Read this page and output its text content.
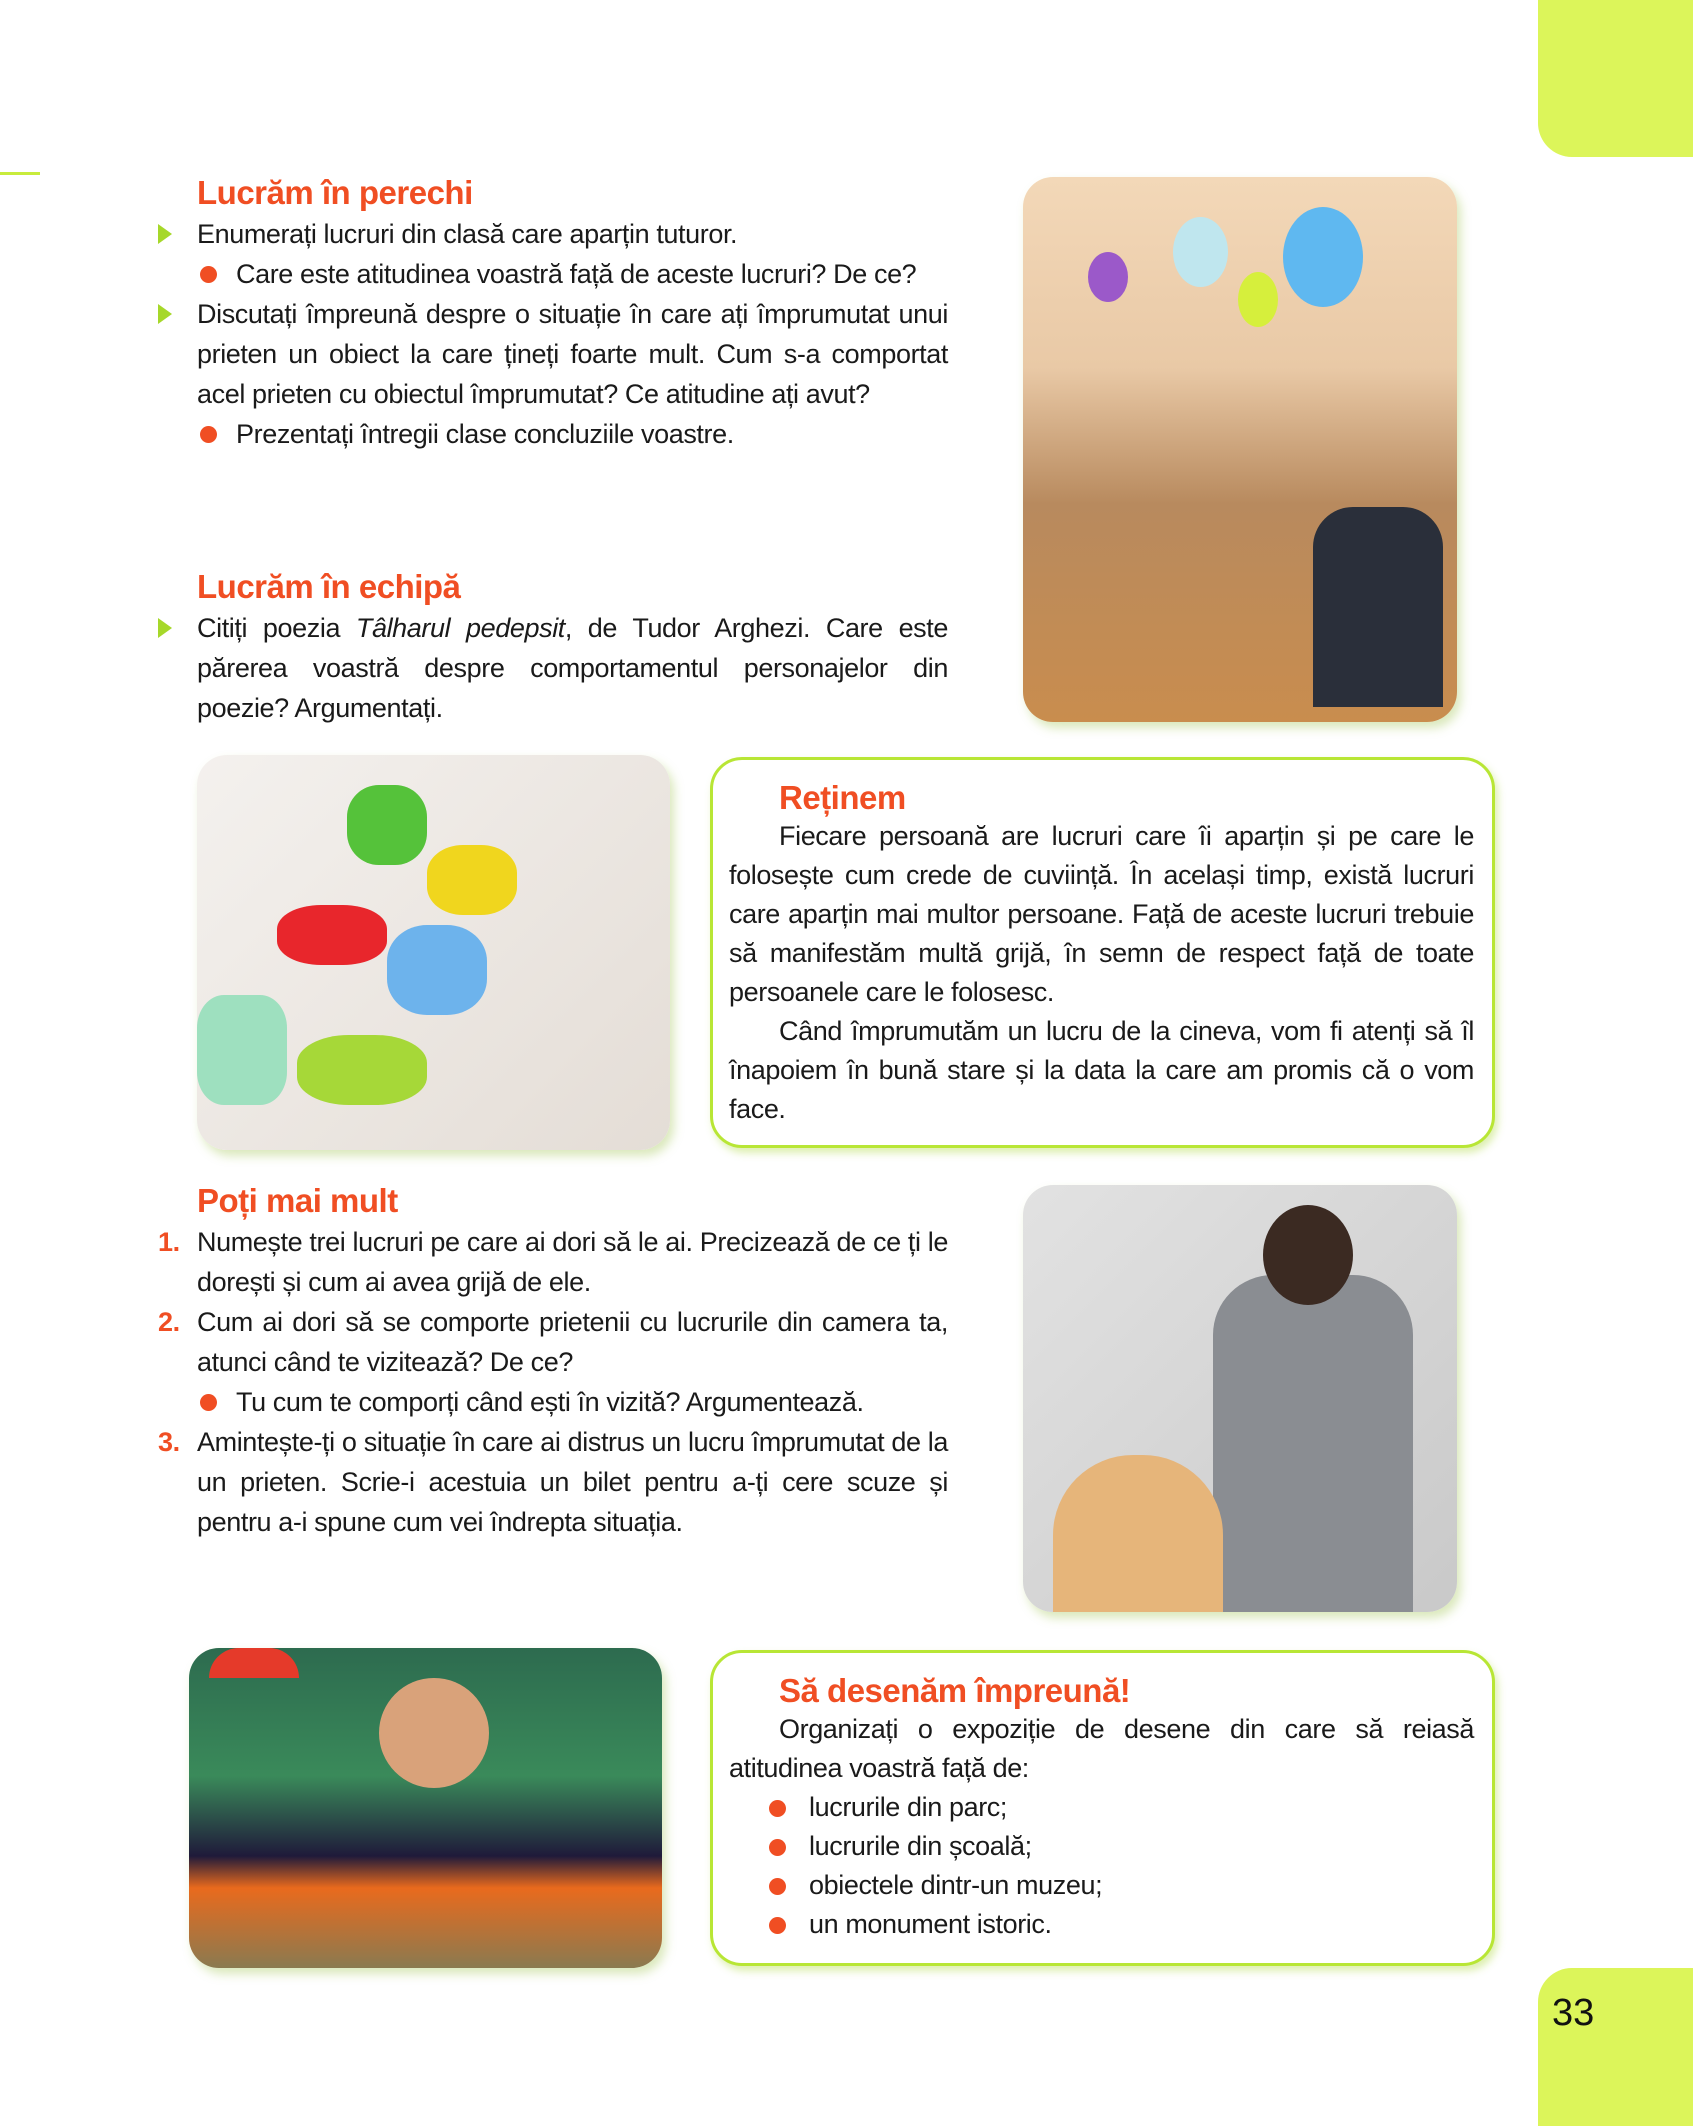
Lucrăm în perechi
Enumerați lucruri din clasă care aparțin tuturor.
Care este atitudinea voastră față de aceste lucruri? De ce?
Discutați împreună despre o situație în care ați împrumutat unui prieten un obiect la care țineți foarte mult. Cum s-a comportat acel prieten cu obiectul împrumutat? Ce atitudine ați avut?
Prezentați întregii clase concluziile voastre.
Lucrăm în echipă
Citiți poezia Tâlharul pedepsit, de Tudor Arghezi. Care este părerea voastră despre comportamentul personajelor din poezie? Argumentați.
Reținem

Fiecare persoană are lucruri care îi aparțin și pe care le folosește cum crede de cuviință. În același timp, există lucruri care aparțin mai multor persoane. Față de aceste lucruri trebuie să manifestăm multă grijă, în semn de respect față de toate persoanele care le folosesc.

Când împrumutăm un lucru de la cineva, vom fi atenți să îl înapoiem în bună stare și la data la care am promis că o vom face.

Poți mai mult
1. Numește trei lucruri pe care ai dori să le ai. Precizează de ce ți le dorești și cum ai avea grijă de ele.
2. Cum ai dori să se comporte prietenii cu lucrurile din camera ta, atunci când te vizitează? De ce?
Tu cum te comporți când ești în vizită? Argumentează.
3. Amintește-ți o situație în care ai distrus un lucru împrumutat de la un prieten. Scrie-i acestuia un bilet pentru a-ți cere scuze și pentru a-i spune cum vei îndrepta situația.
Să desenăm împreună!

Organizați o expoziție de desene din care să reiasă atitudinea voastră față de:

lucrurile din parc;
lucrurile din școală;
obiectele dintr-un muzeu;
un monument istoric.
33
